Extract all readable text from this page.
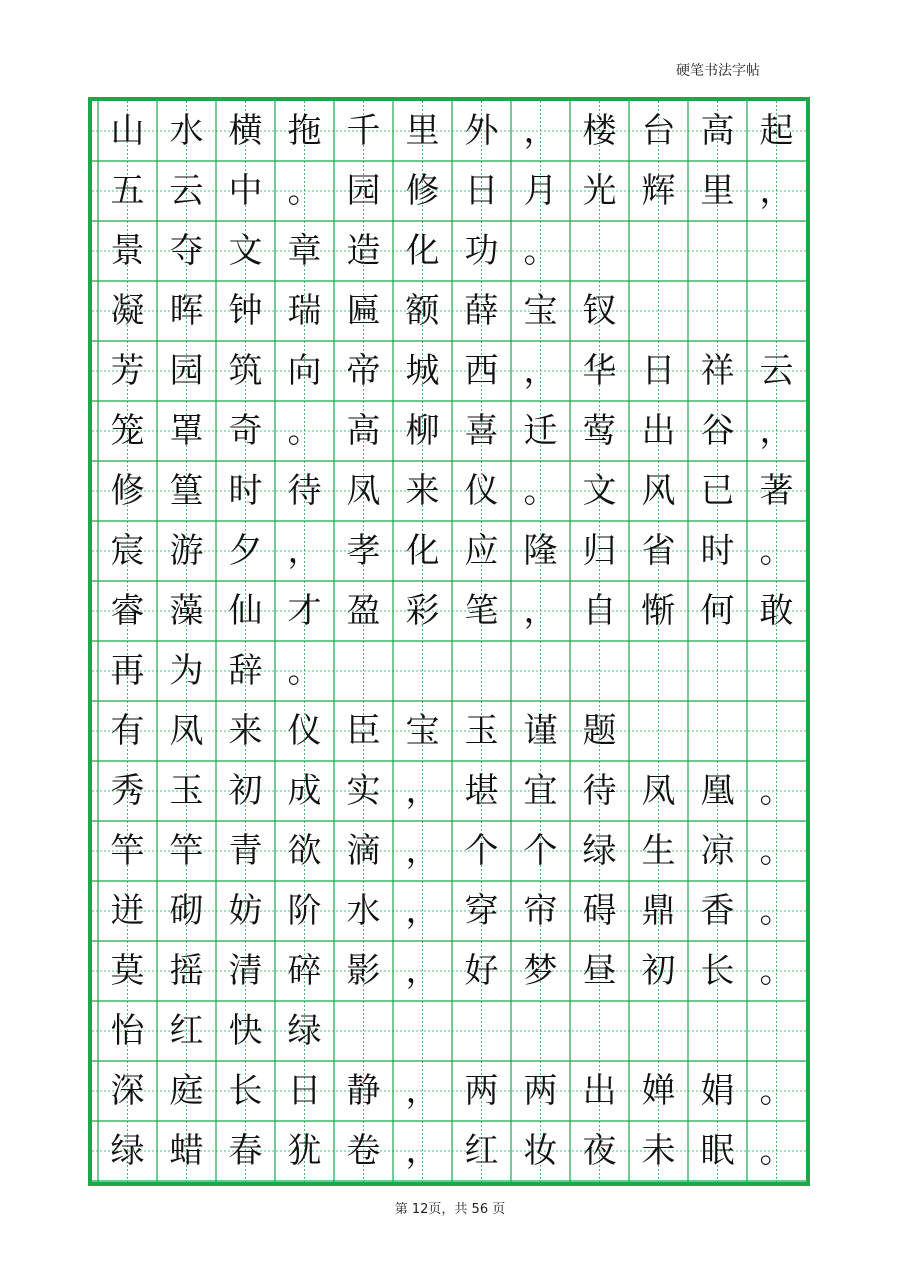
硬笔书法字帖
山 水 横 拖 千 里 外 ， 楼 台 高 起
五 云 中 。 园 修 日 月 光 辉 里 ，
景 夺 文 章 造 化 功 。
凝 晖 钟 瑞 匾 额 薛 宝 钗
芳 园 筑 向 帝 城 西 ， 华 日 祥 云
笼 罩 奇 。 高 柳 喜 迁 莺 出 谷 ，
修 篁 时 待 凤 来 仪 。 文 风 已 著
宸 游 夕 ， 孝 化 应 隆 归 省 时 。
睿 藻 仙 才 盈 彩 笔 ， 自 惭 何 敢
再 为 辞 。
有 凤 来 仪 臣 宝 玉 谨 题
秀 玉 初 成 实 ， 堪 宜 待 凤 凰 。
竿 竿 青 欲 滴 ， 个 个 绿 生 凉 。
迸 砌 妨 阶 水 ， 穿 帘 碍 鼎 香 。
莫 摇 清 碎 影 ， 好 梦 昼 初 长 。
怡 红 快 绿
深 庭 长 日 静 ， 两 两 出 婵 娟 。
绿 蜡 春 犹 卷 ， 红 妆 夜 未 眠 。
第 12页，共 56 页
